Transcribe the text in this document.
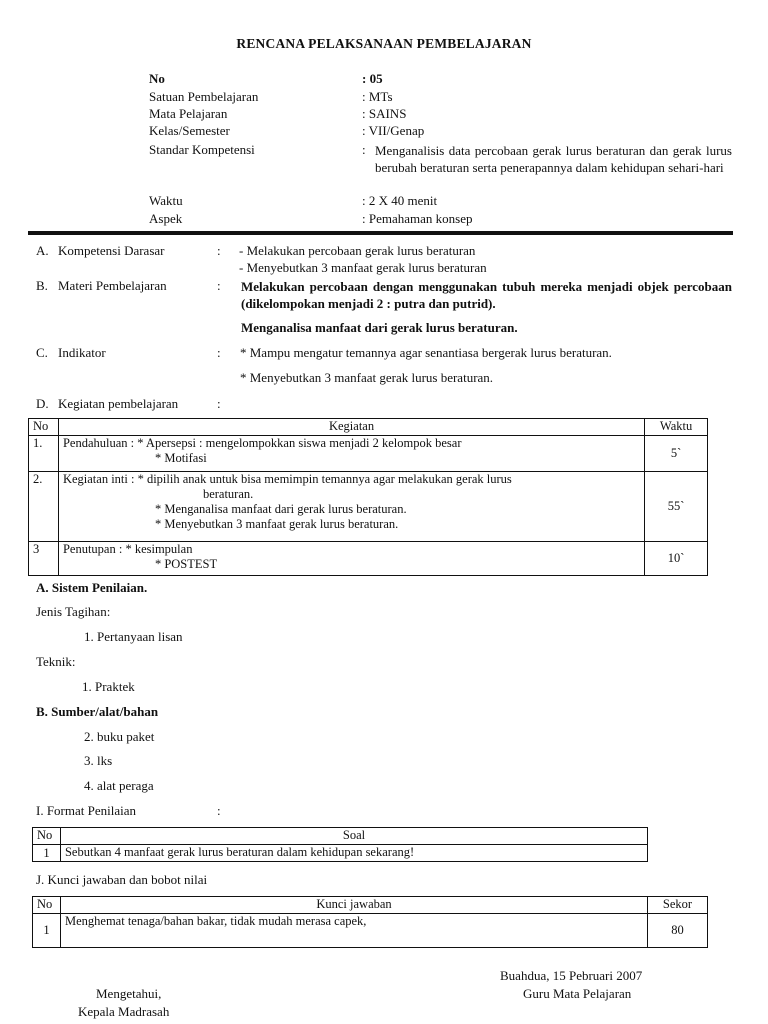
RENCANA PELAKSANAAN PEMBELAJARAN
No	: 05
Satuan Pembelajaran	: MTs
Mata Pelajaran	: SAINS
Kelas/Semester	: VII/Genap
Standar Kompetensi	: Menganalisis data percobaan gerak lurus beraturan dan gerak lurus berubah beraturan serta penerapannya dalam kehidupan sehari-hari
Waktu	: 2 X 40 menit
Aspek	: Pemahaman konsep
A. Kompetensi Darasar	: - Melakukan percobaan gerak lurus beraturan
- Menyebutkan 3 manfaat gerak lurus beraturan
B. Materi Pembelajaran	: Melakukan percobaan dengan menggunakan tubuh mereka menjadi objek percobaan (dikelompokan menjadi 2 : putra dan putrid).
Menganalisa manfaat dari gerak lurus beraturan.
C. Indikator	: * Mampu mengatur temannya agar senantiasa bergerak lurus beraturan.
* Menyebutkan 3 manfaat gerak lurus beraturan.
D. Kegiatan pembelajaran	:
No	Kegiatan	Waktu
1.	Pendahuluan : * Apersepsi : mengelompokkan siswa menjadi 2 kelompok besar
* Motifasi	5`
2.	Kegiatan inti : * dipilih anak untuk bisa memimpin temannya agar melakukan gerak lurus
beraturan.
* Menganalisa manfaat dari gerak lurus beraturan.
* Menyebutkan 3 manfaat gerak lurus beraturan.	55`
3	Penutupan : * kesimpulan
* POSTEST	10`
A. Sistem Penilaian.
Jenis Tagihan:
1. Pertanyaan lisan
Teknik:
1. Praktek
B. Sumber/alat/bahan
2. buku paket
3. lks
4. alat peraga
I. Format Penilaian	:
No	Soal
1	Sebutkan 4 manfaat gerak lurus beraturan dalam kehidupan sekarang!
J. Kunci jawaban dan bobot nilai
No	Kunci jawaban	Sekor
1	Menghemat tenaga/bahan bakar, tidak mudah merasa capek,	80
Buahdua, 15 Pebruari 2007
Guru Mata Pelajaran
Mengetahui,
Kepala Madrasah
